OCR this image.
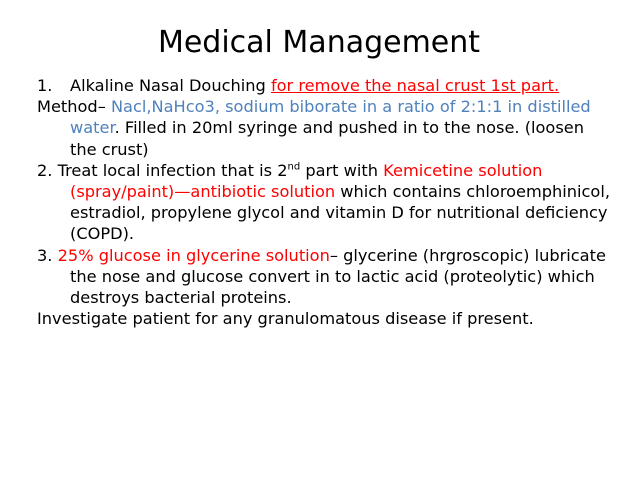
Medical Management

1. Alkaline Nasal Douching for remove the nasal crust 1st part.

Method– Nacl,NaHco3, sodium biborate in a ratio of 2:1:1 in distilled water. Filled in 20ml syringe and pushed in to the nose. (loosen the crust)

2. Treat local infection that is 2nd part with Kemicetine solution (spray/paint)—antibiotic solution which contains chloroemphinicol, estradiol, propylene glycol and vitamin D for nutritional deficiency (COPD).

3. 25% glucose in glycerine solution– glycerine (hrgroscopic) lubricate the nose and glucose convert in to lactic acid (proteolytic) which destroys bacterial proteins.

Investigate patient for any granulomatous disease if present.
